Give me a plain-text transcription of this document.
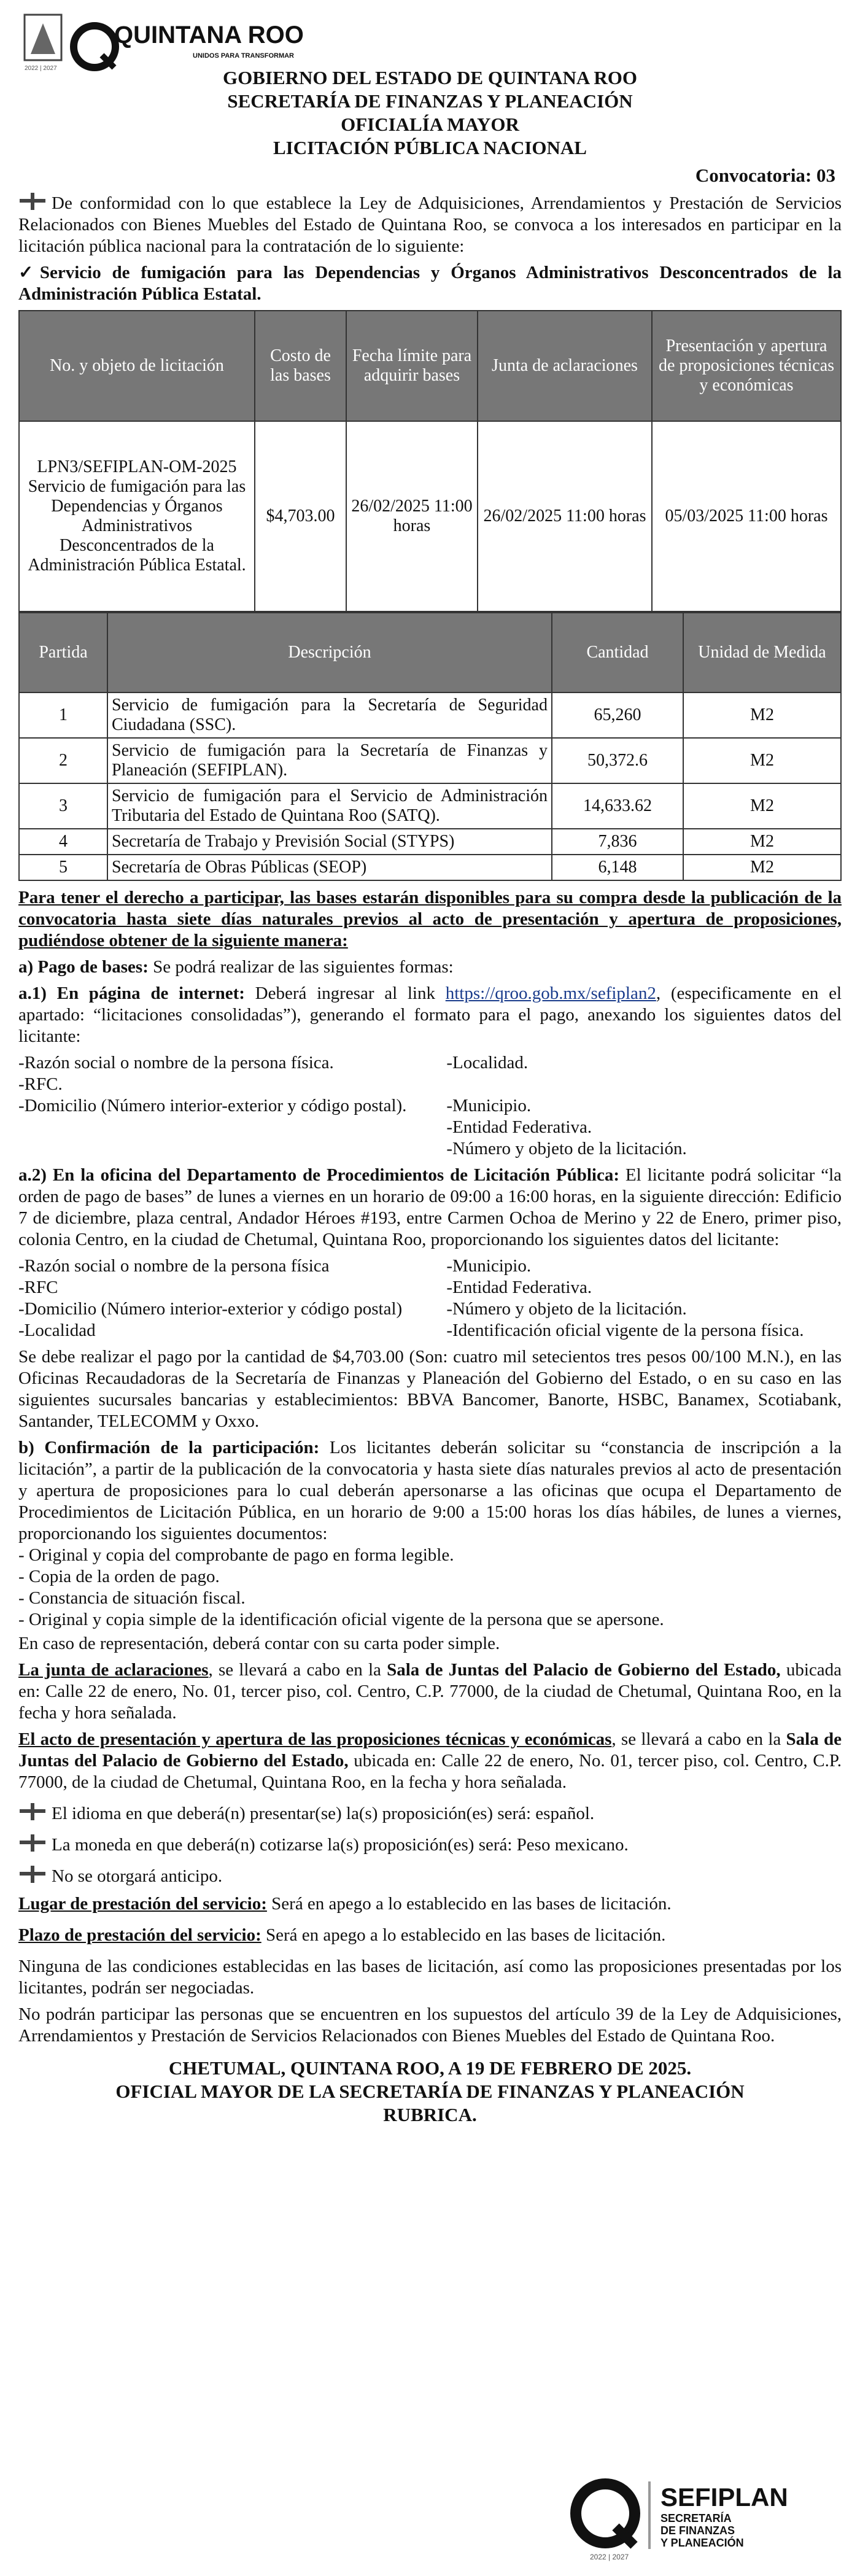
QUINTANA ROO
UNIDOS PARA TRANSFORMAR
2022 | 2027	GOBIERNO DEL ESTADO DE QUINTANA ROO
SECRETARÍA DE FINANZAS Y PLANEACIÓN
OFICIALÍA MAYOR
LICITACIÓN PÚBLICA NACIONAL
Convocatoria: 03

De conformidad con lo que establece la Ley de Adquisiciones, Arrendamientos y Prestación de Servicios Relacionados con Bienes Muebles del Estado de Quintana Roo, se convoca a los interesados en participar en la licitación pública nacional para la contratación de lo siguiente:

✓Servicio de fumigación para las Dependencias y Órganos Administrativos Desconcentrados de la Administración Pública Estatal.

No. y objeto de licitación	Costo de las bases	Fecha límite para adquirir bases	Junta de aclaraciones	Presentación y apertura de proposiciones técnicas y económicas
LPN3/SEFIPLAN-OM-2025 Servicio de fumigación para las Dependencias y Órganos Administrativos Desconcentrados de la Administración Pública Estatal.	$4,703.00	26/02/2025 11:00 horas	26/02/2025 11:00 horas	05/03/2025 11:00 horas
Partida	Descripción	Cantidad	Unidad de Medida
1	Servicio de fumigación para la Secretaría de Seguridad Ciudadana (SSC).	65,260	M2
2	Servicio de fumigación para la Secretaría de Finanzas y Planeación (SEFIPLAN).	50,372.6	M2
3	Servicio de fumigación para el Servicio de Administración Tributaria del Estado de Quintana Roo (SATQ).	14,633.62	M2
4	Secretaría de Trabajo y Previsión Social (STYPS)	7,836	M2
5	Secretaría de Obras Públicas (SEOP)	6,148	M2

Para tener el derecho a participar, las bases estarán disponibles para su compra desde la publicación de la convocatoria hasta siete días naturales previos al acto de presentación y apertura de proposiciones, pudiéndose obtener de la siguiente manera:

a) Pago de bases: Se podrá realizar de las siguientes formas:

a.1) En página de internet: Deberá ingresar al link https://qroo.gob.mx/sefiplan2, (especificamente en el apartado: “licitaciones consolidadas”), generando el formato para el pago, anexando los siguientes datos del licitante:

-Razón social o nombre de la persona física.

-RFC.

-Domicilio (Número interior-exterior y código postal).

-Localidad.

-Municipio.

-Entidad Federativa.

-Número y objeto de la licitación.

a.2) En la oficina del Departamento de Procedimientos de Licitación Pública: El licitante podrá solicitar “la orden de pago de bases” de lunes a viernes en un horario de 09:00 a 16:00 horas, en la siguiente dirección: Edificio 7 de diciembre, plaza central, Andador Héroes #193, entre Carmen Ochoa de Merino y 22 de Enero, primer piso, colonia Centro, en la ciudad de Chetumal, Quintana Roo, proporcionando los siguientes datos del licitante:

-Razón social o nombre de la persona física

-RFC

-Domicilio (Número interior-exterior y código postal)

-Localidad

-Municipio.

-Entidad Federativa.

-Número y objeto de la licitación.

-Identificación oficial vigente de la persona física.

Se debe realizar el pago por la cantidad de $4,703.00 (Son: cuatro mil setecientos tres pesos 00/100 M.N.), en las Oficinas Recaudadoras de la Secretaría de Finanzas y Planeación del Gobierno del Estado, o en su caso en las siguientes sucursales bancarias y establecimientos: BBVA Bancomer, Banorte, HSBC, Banamex, Scotiabank, Santander, TELECOMM y Oxxo.

b) Confirmación de la participación: Los licitantes deberán solicitar su “constancia de inscripción a la licitación”, a partir de la publicación de la convocatoria y hasta siete días naturales previos al acto de presentación y apertura de proposiciones para lo cual deberán apersonarse a las oficinas que ocupa el Departamento de Procedimientos de Licitación Pública, en un horario de 9:00 a 15:00 horas los días hábiles, de lunes a viernes, proporcionando los siguientes documentos:

- Original y copia del comprobante de pago en forma legible.

- Copia de la orden de pago.

- Constancia de situación fiscal.

- Original y copia simple de la identificación oficial vigente de la persona que se apersone.

En caso de representación, deberá contar con su carta poder simple.

La junta de aclaraciones, se llevará a cabo en la Sala de Juntas del Palacio de Gobierno del Estado, ubicada en: Calle 22 de enero, No. 01, tercer piso, col. Centro, C.P. 77000, de la ciudad de Chetumal, Quintana Roo, en la fecha y hora señalada.

El acto de presentación y apertura de las proposiciones técnicas y económicas, se llevará a cabo en la Sala de Juntas del Palacio de Gobierno del Estado, ubicada en: Calle 22 de enero, No. 01, tercer piso, col. Centro, C.P. 77000, de la ciudad de Chetumal, Quintana Roo, en la fecha y hora señalada.

El idioma en que deberá(n) presentar(se) la(s) proposición(es) será: español.

La moneda en que deberá(n) cotizarse la(s) proposición(es) será: Peso mexicano.

No se otorgará anticipo.

Lugar de prestación del servicio: Será en apego a lo establecido en las bases de licitación.

Plazo de prestación del servicio: Será en apego a lo establecido en las bases de licitación.

Ninguna de las condiciones establecidas en las bases de licitación, así como las proposiciones presentadas por los licitantes, podrán ser negociadas.

No podrán participar las personas que se encuentren en los supuestos del artículo 39 de la Ley de Adquisiciones, Arrendamientos y Prestación de Servicios Relacionados con Bienes Muebles del Estado de Quintana Roo.

CHETUMAL, QUINTANA ROO, A 19 DE FEBRERO DE 2025.
OFICIAL MAYOR DE LA SECRETARÍA DE FINANZAS Y PLANEACIÓN
RUBRICA.
2022 | 2027
SEFIPLAN
SECRETARÍA
DE FINANZAS
Y PLANEACIÓN
